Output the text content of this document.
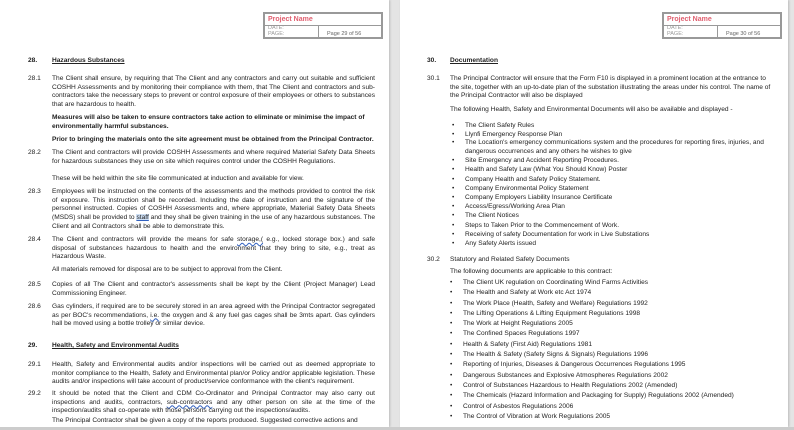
Project Name
DATE:
PAGE:	Page 29 of 56
28. Hazardous Substances
28.1 The Client shall ensure, by requiring that The Client and any contractors and carry out suitable and sufficient COSHH Assessments and by monitoring their compliance with them, that The Client and contractors and sub-contractors take the necessary steps to prevent or control exposure of their employees or others to substances that are hazardous to health.
Measures will also be taken to ensure contractors take action to eliminate or minimise the impact of environmentally harmful substances.
Prior to bringing the materials onto the site agreement must be obtained from the Principal Contractor.
28.2 The Client and contractors will provide COSHH Assessments and where required Material Safety Data Sheets for hazardous substances they use on site which requires control under the COSHH Regulations.
These will be held within the site file communicated at induction and available for view.
28.3 Employees will be instructed on the contents of the assessments and the methods provided to control the risk of exposure. This instruction shall be recorded. Including the date of instruction and the signature of the personnel instructed. Copies of COSHH Assessments and, where appropriate, Material Safety Data Sheets (MSDS) shall be provided to staff and they shall be given training in the use of any hazardous substances. The Client and all Contractors shall be able to demonstrate this.
28.4 The Client and contractors will provide the means for safe storage,( e.g., locked storage box.) and safe disposal of substances hazardous to health and the environment that they bring to site, e.g., treat as Hazardous Waste.
All materials removed for disposal are to be subject to approval from the Client.
28.5 Copies of all The Client and contractor's assessments shall be kept by the Client (Project Manager) Lead Commissioning Engineer.
28.6 Gas cylinders, if required are to be securely stored in an area agreed with the Principal Contractor segregated as per BOC's recommendations, i.e. the oxygen and & any fuel gas cages shall be 3mts apart. Gas cylinders hall be moved using a bottle trolley or similar device.
29. Health, Safety and Environmental Audits
29.1 Health, Safety and Environmental audits and/or inspections will be carried out as deemed appropriate to monitor compliance to the Health, Safety and Environmental plan/or Policy and/or applicable legislation. These audits and/or inspections will take account of product/service conformance with the client's requirement.
29.2 It should be noted that the Client and CDM Co-Ordinator and Principal Contractor may also carry out inspections and audits, contractors, sub-contractors and any other person on site at the time of the inspection/audits shall co-operate with those persons carrying out the inspections/audits.
The Principal Contractor shall be given a copy of the reports produced. Suggested corrective actions and
Project Name
DATE:
PAGE:	Page 30 of 56
30. Documentation
30.1 The Principal Contractor will ensure that the Form F10 is displayed in a prominent location at the entrance to the site, together with an up-to-date plan of the substation illustrating the areas under his control. The name of the Principal Contractor will also be displayed
The following Health, Safety and Environmental Documents will also be available and displayed -
• The Client Safety Rules
• Llynfi Emergency Response Plan
• The Location's emergency communications system and the procedures for reporting fires, injuries, and dangerous occurrences and any others he wishes to give
• Site Emergency and Accident Reporting Procedures.
• Health and Safety Law (What You Should Know) Poster
• Company Health and Safety Policy Statement.
• Company Environmental Policy Statement
• Company Employers Liability Insurance Certificate
• Access/Egress/Working Area Plan
• The Client Notices
• Steps to Taken Prior to the Commencement of Work.
• Receiving of safety Documentation for work in Live Substations
• Any Safety Alerts issued
30.2 Statutory and Related Safety Documents
The following documents are applicable to this contract:
• The Client UK regulation on Coordinating Wind Farms Activities
• The Health and Safety at Work etc Act 1974
• The Work Place (Health, Safety and Welfare) Regulations 1992
• The Lifting Operations & Lifting Equipment Regulations 1998
• The Work at Height Regulations 2005
• The Confined Spaces Regulations 1997
• Health & Safety (First Aid) Regulations 1981
• The Health & Safety (Safety Signs & Signals) Regulations 1996
• Reporting of Injuries, Diseases & Dangerous Occurrences Regulations 1995
• Dangerous Substances and Explosive Atmospheres Regulations 2002
• Control of Substances Hazardous to Health Regulations 2002 (Amended)
• The Chemicals (Hazard Information and Packaging for Supply) Regulations 2002 (Amended)
• Control of Asbestos Regulations 2006
• The Control of Vibration at Work Regulations 2005
